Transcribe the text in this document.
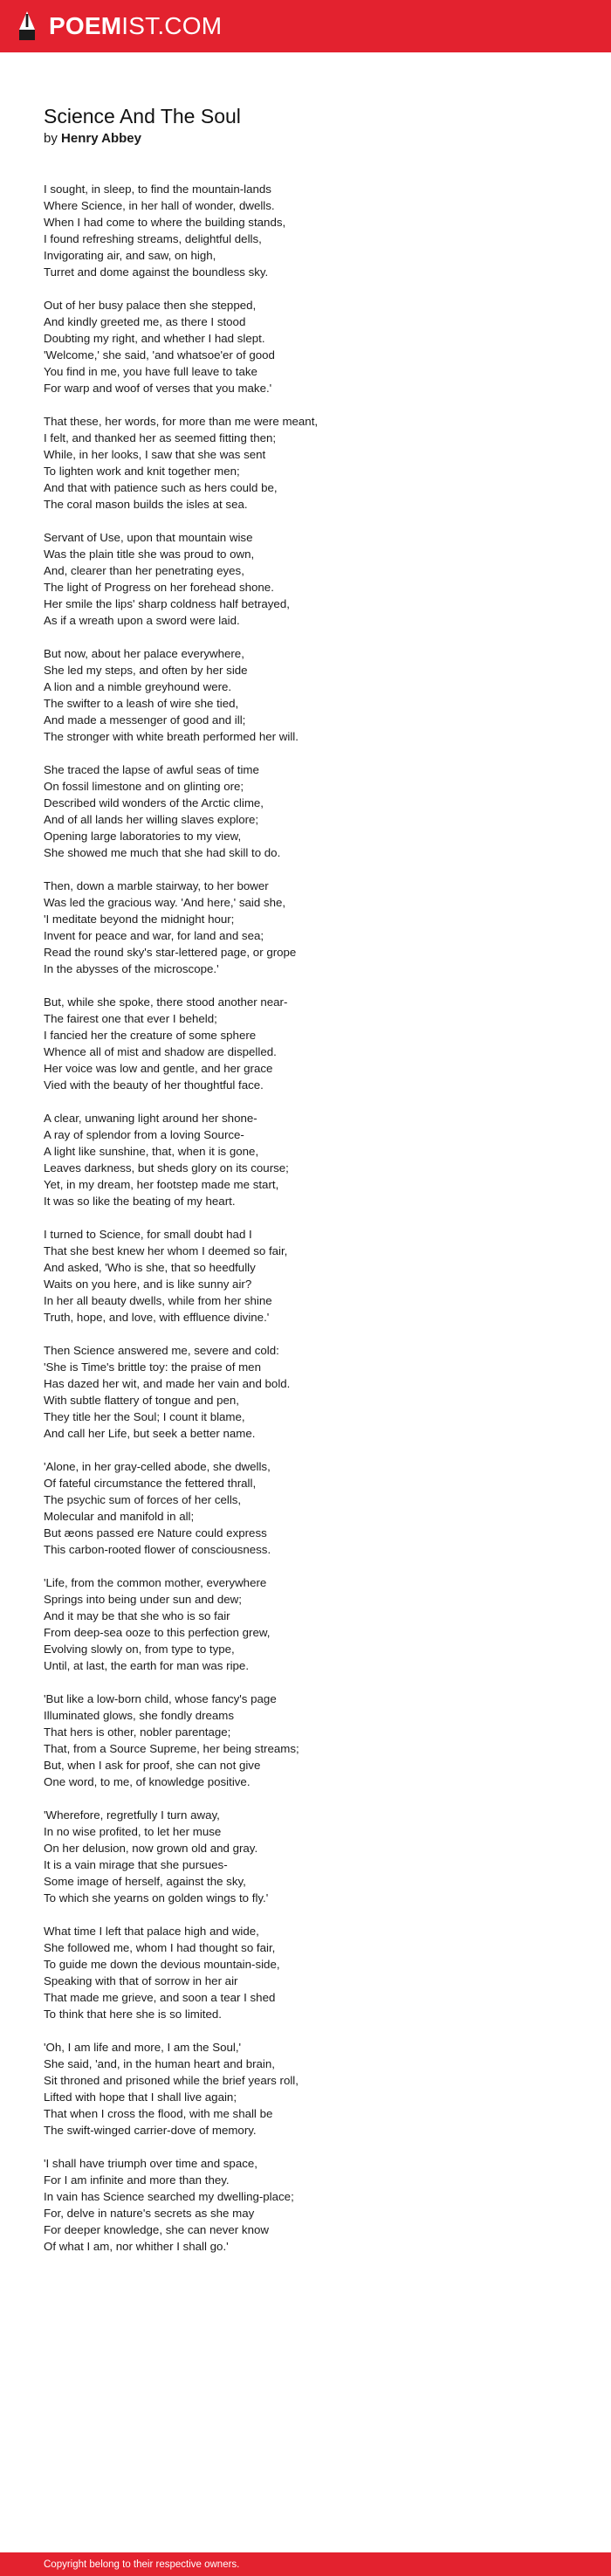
POEMIST.COM
Science And The Soul

by Henry Abbey

I sought, in sleep, to find the mountain-lands
Where Science, in her hall of wonder, dwells.
When I had come to where the building stands,
I found refreshing streams, delightful dells,
Invigorating air, and saw, on high,
Turret and dome against the boundless sky.
Out of her busy palace then she stepped,
And kindly greeted me, as there I stood
Doubting my right, and whether I had slept.
'Welcome,' she said, 'and whatsoe'er of good
You find in me, you have full leave to take
For warp and woof of verses that you make.'
That these, her words, for more than me were meant,
I felt, and thanked her as seemed fitting then;
While, in her looks, I saw that she was sent
To lighten work and knit together men;
And that with patience such as hers could be,
The coral mason builds the isles at sea.
Servant of Use, upon that mountain wise
Was the plain title she was proud to own,
And, clearer than her penetrating eyes,
The light of Progress on her forehead shone.
Her smile the lips' sharp coldness half betrayed,
As if a wreath upon a sword were laid.
But now, about her palace everywhere,
She led my steps, and often by her side
A lion and a nimble greyhound were.
The swifter to a leash of wire she tied,
And made a messenger of good and ill;
The stronger with white breath performed her will.
She traced the lapse of awful seas of time
On fossil limestone and on glinting ore;
Described wild wonders of the Arctic clime,
And of all lands her willing slaves explore;
Opening large laboratories to my view,
She showed me much that she had skill to do.
Then, down a marble stairway, to her bower
Was led the gracious way. 'And here,' said she,
'I meditate beyond the midnight hour;
Invent for peace and war, for land and sea;
Read the round sky's star-lettered page, or grope
In the abysses of the microscope.'
But, while she spoke, there stood another near-
The fairest one that ever I beheld;
I fancied her the creature of some sphere
Whence all of mist and shadow are dispelled.
Her voice was low and gentle, and her grace
Vied with the beauty of her thoughtful face.
A clear, unwaning light around her shone-
A ray of splendor from a loving Source-
A light like sunshine, that, when it is gone,
Leaves darkness, but sheds glory on its course;
Yet, in my dream, her footstep made me start,
It was so like the beating of my heart.
I turned to Science, for small doubt had I
That she best knew her whom I deemed so fair,
And asked, 'Who is she, that so heedfully
Waits on you here, and is like sunny air?
In her all beauty dwells, while from her shine
Truth, hope, and love, with effluence divine.'
Then Science answered me, severe and cold:
'She is Time's brittle toy: the praise of men
Has dazed her wit, and made her vain and bold.
With subtle flattery of tongue and pen,
They title her the Soul; I count it blame,
And call her Life, but seek a better name.
'Alone, in her gray-celled abode, she dwells,
Of fateful circumstance the fettered thrall,
The psychic sum of forces of her cells,
Molecular and manifold in all;
But æons passed ere Nature could express
This carbon-rooted flower of consciousness.
'Life, from the common mother, everywhere
Springs into being under sun and dew;
And it may be that she who is so fair
From deep-sea ooze to this perfection grew,
Evolving slowly on, from type to type,
Until, at last, the earth for man was ripe.
'But like a low-born child, whose fancy's page
Illuminated glows, she fondly dreams
That hers is other, nobler parentage;
That, from a Source Supreme, her being streams;
But, when I ask for proof, she can not give
One word, to me, of knowledge positive.
'Wherefore, regretfully I turn away,
In no wise profited, to let her muse
On her delusion, now grown old and gray.
It is a vain mirage that she pursues-
Some image of herself, against the sky,
To which she yearns on golden wings to fly.'
What time I left that palace high and wide,
She followed me, whom I had thought so fair,
To guide me down the devious mountain-side,
Speaking with that of sorrow in her air
That made me grieve, and soon a tear I shed
To think that here she is so limited.
'Oh, I am life and more, I am the Soul,'
She said, 'and, in the human heart and brain,
Sit throned and prisoned while the brief years roll,
Lifted with hope that I shall live again;
That when I cross the flood, with me shall be
The swift-winged carrier-dove of memory.
'I shall have triumph over time and space,
For I am infinite and more than they.
In vain has Science searched my dwelling-place;
For, delve in nature's secrets as she may
For deeper knowledge, she can never know
Of what I am, nor whither I shall go.'
Copyright belong to their respective owners.
